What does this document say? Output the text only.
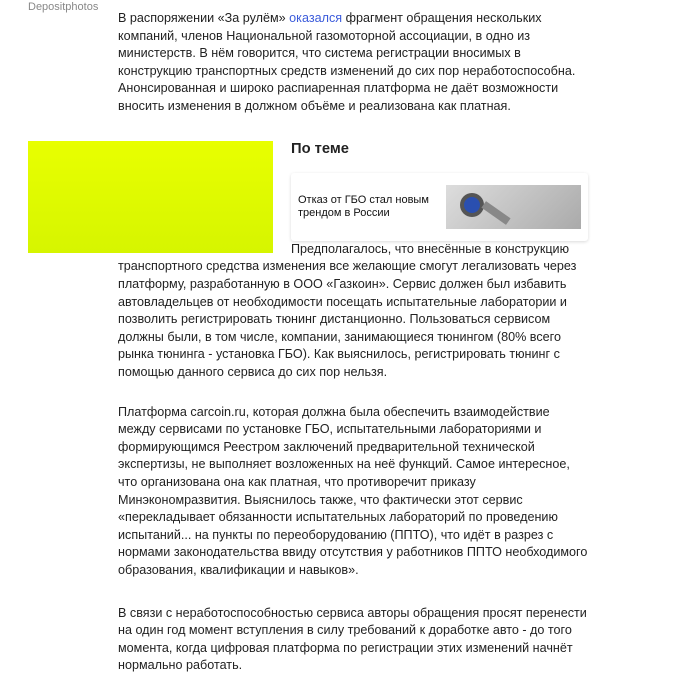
Depositphotos

В распоряжении «За рулём» оказался фрагмент обращения нескольких компаний, членов Национальной газомоторной ассоциации, в одно из министерств. В нём говорится, что система регистрации вносимых в конструкцию транспортных средств изменений до сих пор неработоспособна. Анонсированная и широко распиаренная платформа не даёт возможности вносить изменения в должном объёме и реализована как платная.

По теме
Отказ от ГБО стал новым трендом в России
Предполагалось, что внесённые в конструкцию транспортного средства изменения все желающие смогут легализовать через платформу, разработанную в ООО «Газкоин». Сервис должен был избавить автовладельцев от необходимости посещать испытательные лаборатории и позволить регистрировать тюнинг дистанционно. Пользоваться сервисом должны были, в том числе, компании, занимающиеся тюнингом (80% всего рынка тюнинга - установка ГБО). Как выяснилось, регистрировать тюнинг с помощью данного сервиса до сих пор нельзя.

Платформа carcoin.ru, которая должна была обеспечить взаимодействие между сервисами по установке ГБО, испытательными лабораториями и формирующимся Реестром заключений предварительной технической экспертизы, не выполняет возложенных на неё функций. Самое интересное, что организована она как платная, что противоречит приказу Минэкономразвития. Выяснилось также, что фактически этот сервис «перекладывает обязанности испытательных лабораторий по проведению испытаний... на пункты по переоборудованию (ППТО), что идёт в разрез с нормами законодательства ввиду отсутствия у работников ППТО необходимого образования, квалификации и навыков».

В связи с неработоспособностью сервиса авторы обращения просят перенести на один год момент вступления в силу требований к доработке авто - до того момента, когда цифровая платформа по регистрации этих изменений начнёт нормально работать.
